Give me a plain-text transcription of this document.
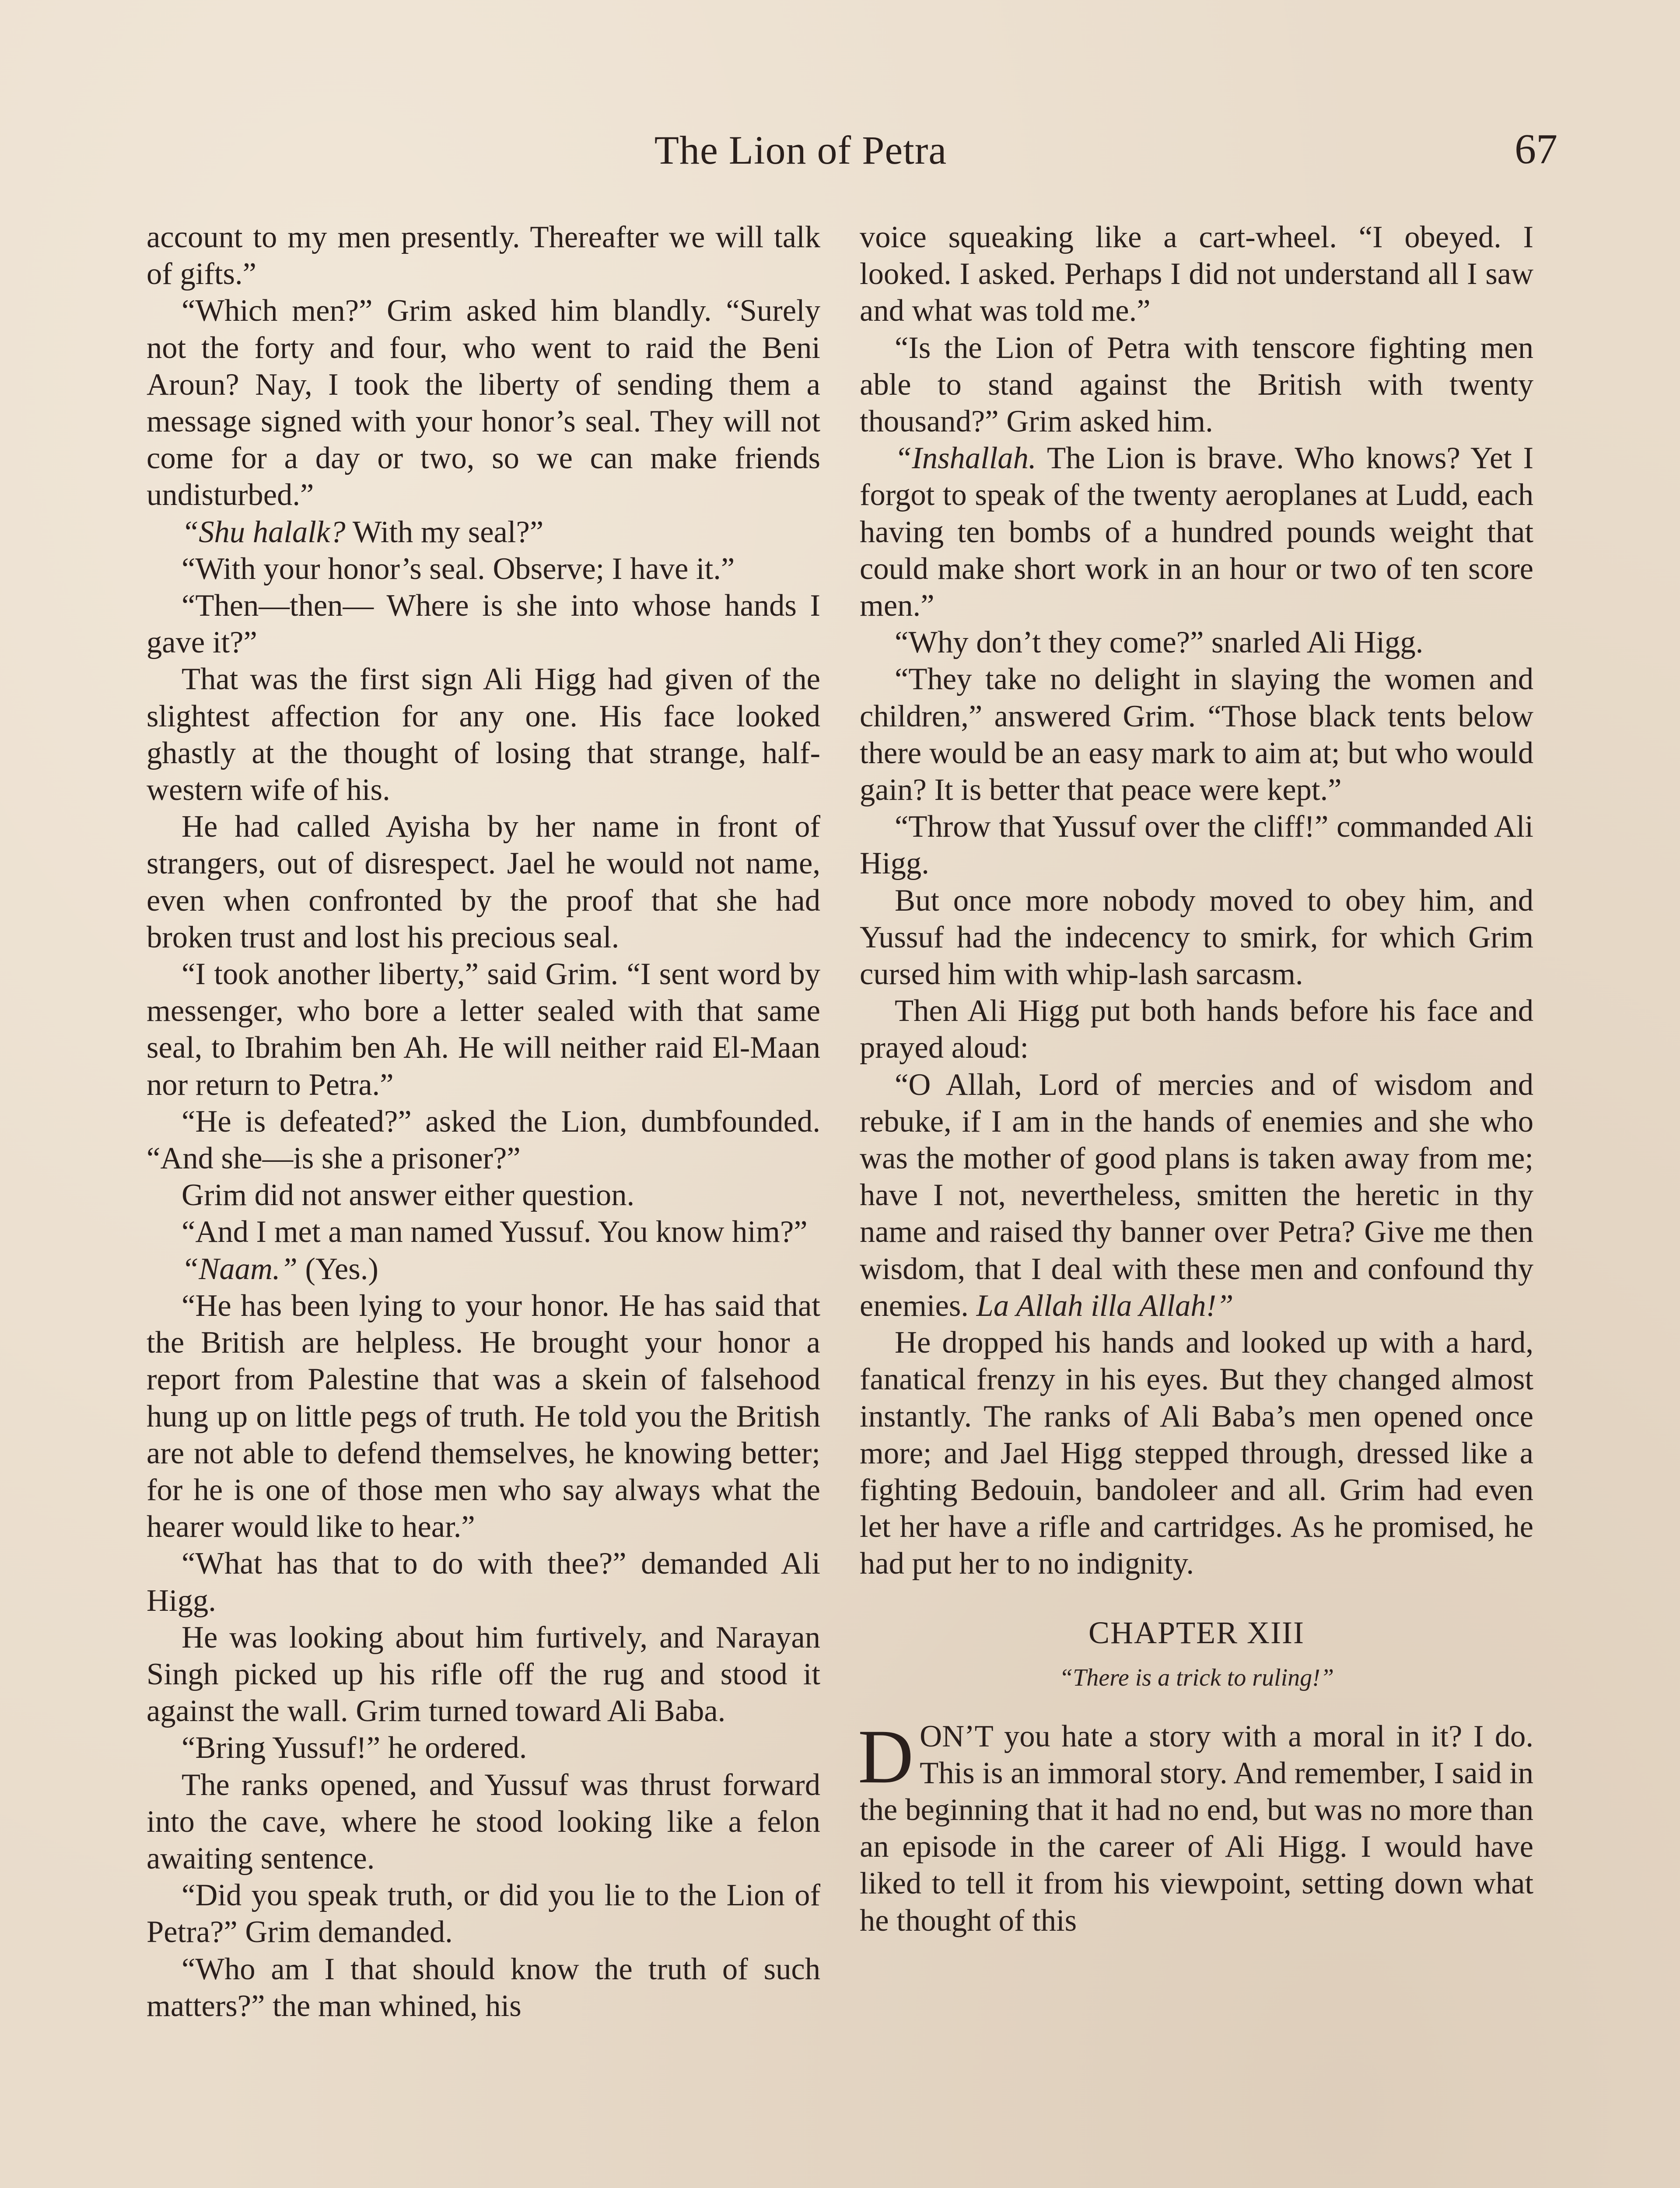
The Lion of Petra	67

account to my men presently. Thereafter we will talk of gifts.”

“Which men?” Grim asked him blandly. “Surely not the forty and four, who went to raid the Beni Aroun? Nay, I took the liberty of sending them a message signed with your honor’s seal. They will not come for a day or two, so we can make friends undisturbed.”

“Shu halalk? With my seal?”

“With your honor’s seal. Observe; I have it.”

“Then—then— Where is she into whose hands I gave it?”

That was the first sign Ali Higg had given of the slightest affection for any one. His face looked ghastly at the thought of losing that strange, half-western wife of his.

He had called Ayisha by her name in front of strangers, out of disrespect. Jael he would not name, even when confronted by the proof that she had broken trust and lost his precious seal.

“I took another liberty,” said Grim. “I sent word by messenger, who bore a letter sealed with that same seal, to Ibrahim ben Ah. He will neither raid El-Maan nor return to Petra.”

“He is defeated?” asked the Lion, dumbfounded. “And she—is she a prisoner?”

Grim did not answer either question.

“And I met a man named Yussuf. You know him?”

“Naam.” (Yes.)

“He has been lying to your honor. He has said that the British are helpless. He brought your honor a report from Palestine that was a skein of falsehood hung up on little pegs of truth. He told you the British are not able to defend themselves, he knowing better; for he is one of those men who say always what the hearer would like to hear.”

“What has that to do with thee?” demanded Ali Higg.

He was looking about him furtively, and Narayan Singh picked up his rifle off the rug and stood it against the wall. Grim turned toward Ali Baba.

“Bring Yussuf!” he ordered.

The ranks opened, and Yussuf was thrust forward into the cave, where he stood looking like a felon awaiting sentence.

“Did you speak truth, or did you lie to the Lion of Petra?” Grim demanded.

“Who am I that should know the truth of such matters?” the man whined, his

voice squeaking like a cart-wheel. “I obeyed. I looked. I asked. Perhaps I did not understand all I saw and what was told me.”

“Is the Lion of Petra with tenscore fighting men able to stand against the British with twenty thousand?” Grim asked him.

“Inshallah. The Lion is brave. Who knows? Yet I forgot to speak of the twenty aeroplanes at Ludd, each having ten bombs of a hundred pounds weight that could make short work in an hour or two of ten score men.”

“Why don’t they come?” snarled Ali Higg.

“They take no delight in slaying the women and children,” answered Grim. “Those black tents below there would be an easy mark to aim at; but who would gain? It is better that peace were kept.”

“Throw that Yussuf over the cliff!” commanded Ali Higg.

But once more nobody moved to obey him, and Yussuf had the indecency to smirk, for which Grim cursed him with whip-lash sarcasm.

Then Ali Higg put both hands before his face and prayed aloud:

“O Allah, Lord of mercies and of wisdom and rebuke, if I am in the hands of enemies and she who was the mother of good plans is taken away from me; have I not, nevertheless, smitten the heretic in thy name and raised thy banner over Petra? Give me then wisdom, that I deal with these men and confound thy enemies. La Allah illa Allah!”

He dropped his hands and looked up with a hard, fanatical frenzy in his eyes. But they changed almost instantly. The ranks of Ali Baba’s men opened once more; and Jael Higg stepped through, dressed like a fighting Bedouin, bandoleer and all. Grim had even let her have a rifle and cartridges. As he promised, he had put her to no indignity.

CHAPTER XIII
“There is a trick to ruling!”

DON’T you hate a story with a moral in it? I do. This is an immoral story. And remember, I said in the beginning that it had no end, but was no more than an episode in the career of Ali Higg. I would have liked to tell it from his viewpoint, setting down what he thought of this
